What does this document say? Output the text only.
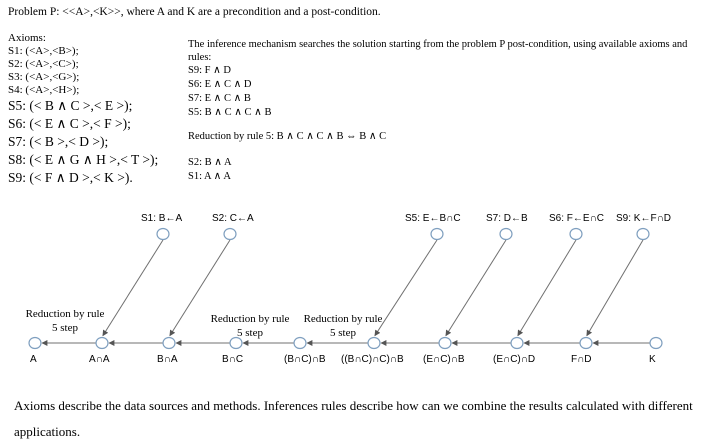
Problem P: <<A>,<K>>, where A and K are a precondition and a post-condition.
Axioms:
S1: (<A>,<B>);
S2: (<A>,<C>);
S3: (<A>,<G>);
S4: (<A>,<H>);
S5: (< B ∧ C >,< E >);
S6: (< E ∧ C >,< F >);
S7: (< B >,< D >);
S8: (< E ∧ G ∧ H >,< T >);
S9: (< F ∧ D >,< K >).
The inference mechanism searches the solution starting from the problem P post-condition, using available axioms and rules:
S9: F ∧ D
S6: E ∧ C ∧ D
S7: E ∧ C ∧ B
S5: B ∧ C ∧ C ∧ B
Reduction by rule 5: B ∧ C ∧ C ∧ B ⇔ B ∧ C
S2: B ∧ A
S1: A ∧ A
S1: B←A	S2: C←A	S5: E←B∩C	S7: D←B S6: F←E∩C S9: K←F∩D
Reduction by rule
5 step
Reduction by rule
5 step
Reduction by rule
5 step
A	A∩A	B∩A	B∩C	(B∩C)∩B ((B∩C)∩C)∩B (E∩C)∩B	(E∩C)∩D	F∩D	K
Axioms describe the data sources and methods. Inferences rules describe how can we combine the results calculated with different applications.
